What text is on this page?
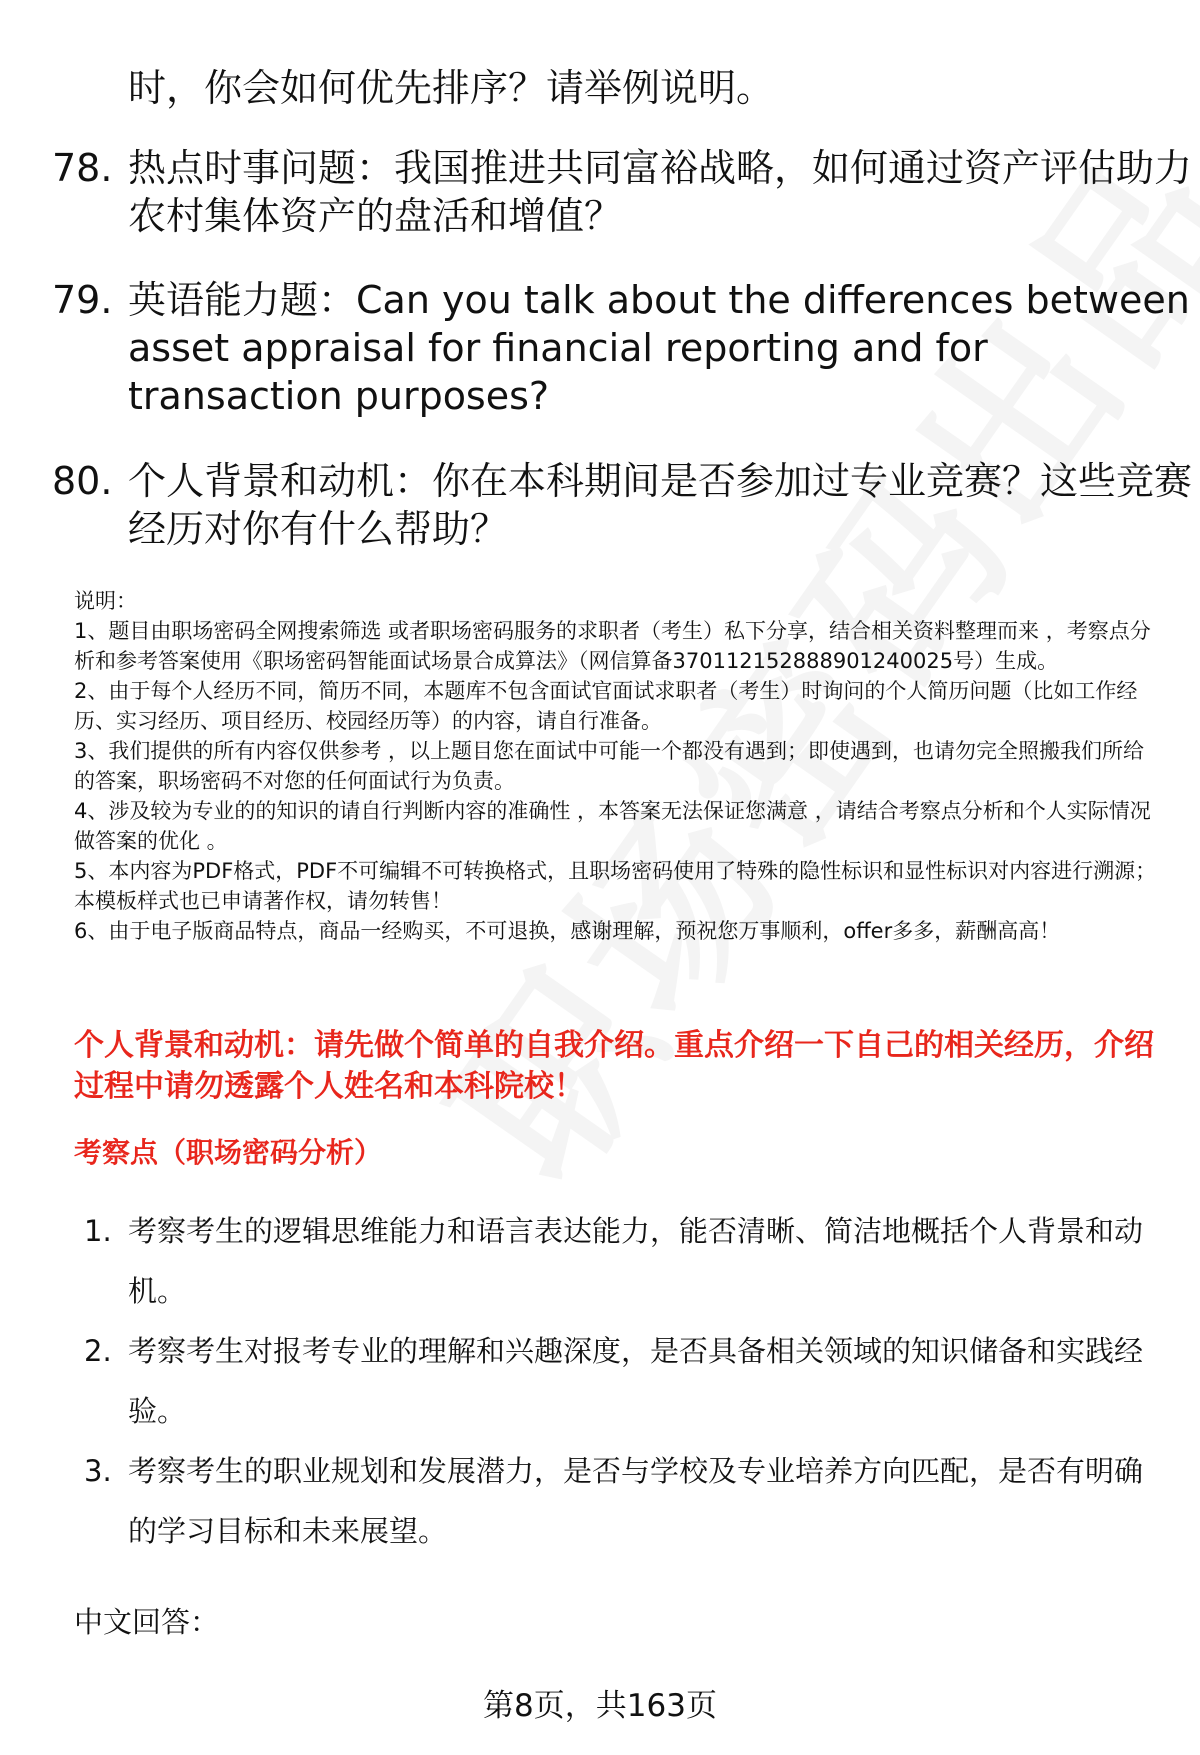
时，你会如何优先排序？请举例说明。
78. 热点时事问题：我国推进共同富裕战略，如何通过资产评估助力农村集体资产的盘活和增值？
79. 英语能力题：Can you talk about the differences between asset appraisal for financial reporting and for transaction purposes?
80. 个人背景和动机：你在本科期间是否参加过专业竞赛？这些竞赛经历对你有什么帮助？
说明：
1、题目由职场密码全网搜索筛选 或者职场密码服务的求职者（考生）私下分享，结合相关资料整理而来 ，考察点分析和参考答案使用《职场密码智能面试场景合成算法》（网信算备370112152888901240025号）生成。
2、由于每个人经历不同，简历不同，本题库不包含面试官面试求职者（考生）时询问的个人简历问题（比如工作经历、实习经历、项目经历、校园经历等）的内容，请自行准备。
3、我们提供的所有内容仅供参考 ，以上题目您在面试中可能一个都没有遇到；即使遇到，也请勿完全照搬我们所给的答案，职场密码不对您的任何面试行为负责。
4、涉及较为专业的的知识的请自行判断内容的准确性 ，本答案无法保证您满意 ，请结合考察点分析和个人实际情况做答案的优化 。
5、本内容为PDF格式，PDF不可编辑不可转换格式，且职场密码使用了特殊的隐性标识和显性标识对内容进行溯源；本模板样式也已申请著作权，请勿转售！
6、由于电子版商品特点，商品一经购买，不可退换，感谢理解，预祝您万事顺利，offer多多，薪酬高高！
个人背景和动机：请先做个简单的自我介绍。重点介绍一下自己的相关经历，介绍过程中请勿透露个人姓名和本科院校！
考察点（职场密码分析）
1. 考察考生的逻辑思维能力和语言表达能力，能否清晰、简洁地概括个人背景和动机。
2. 考察考生对报考专业的理解和兴趣深度，是否具备相关领域的知识储备和实践经验。
3. 考察考生的职业规划和发展潜力，是否与学校及专业培养方向匹配，是否有明确的学习目标和未来展望。
中文回答：
第8页，共163页
